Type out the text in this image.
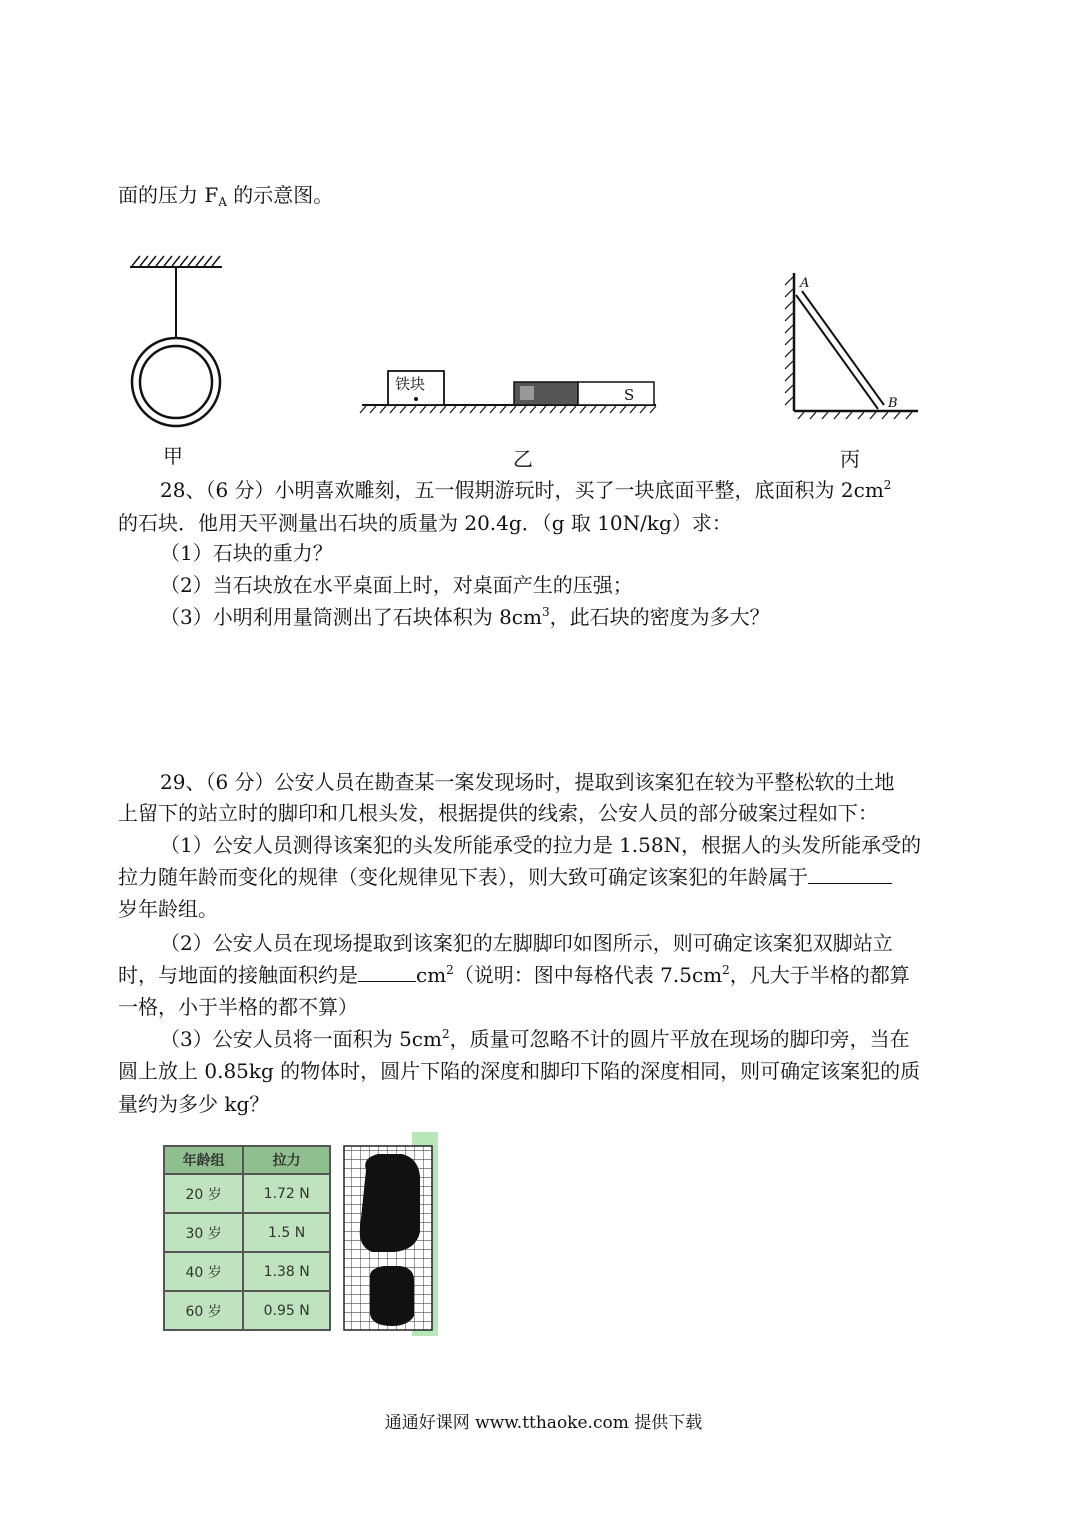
面的压力 $F_A$ 的示意图。
甲
铁块
S
乙
A
B
丙
28、（6 分）小明喜欢雕刻，五一假期游玩时，买了一块底面平整，底面积为 $2cm^2$
的石块．他用天平测量出石块的质量为 20.4g．（g 取 10N/kg）求：
（1）石块的重力？
（2）当石块放在水平桌面上时，对桌面产生的压强；
（3）小明利用量筒测出了石块体积为 $8cm^3$，此石块的密度为多大？
29、（6 分）公安人员在勘查某一案发现场时，提取到该案犯在较为平整松软的土地
上留下的站立时的脚印和几根头发，根据提供的线索，公安人员的部分破案过程如下：
（1）公安人员测得该案犯的头发所能承受的拉力是 1.58N，根据人的头发所能承受的
拉力随年龄而变化的规律（变化规律见下表），则大致可确定该案犯的年龄属于
岁年龄组。
（2）公安人员在现场提取到该案犯的左脚脚印如图所示，则可确定该案犯双脚站立
时，与地面的接触面积约是	$cm^2$（说明：图中每格代表 $7.5cm^2$，凡大于半格的都算
一格，小于半格的都不算）
（3）公安人员将一面积为 $5cm^2$，质量可忽略不计的圆片平放在现场的脚印旁，当在
圆上放上 0.85kg 的物体时，圆片下陷的深度和脚印下陷的深度相同，则可确定该案犯的质
量约为多少 kg？
年龄组	拉力
20 岁	1.72 N
30 岁	1.5 N
40 岁	1.38 N
60 岁	0.95 N
通通好课网 www.tthaoke.com 提供下载
